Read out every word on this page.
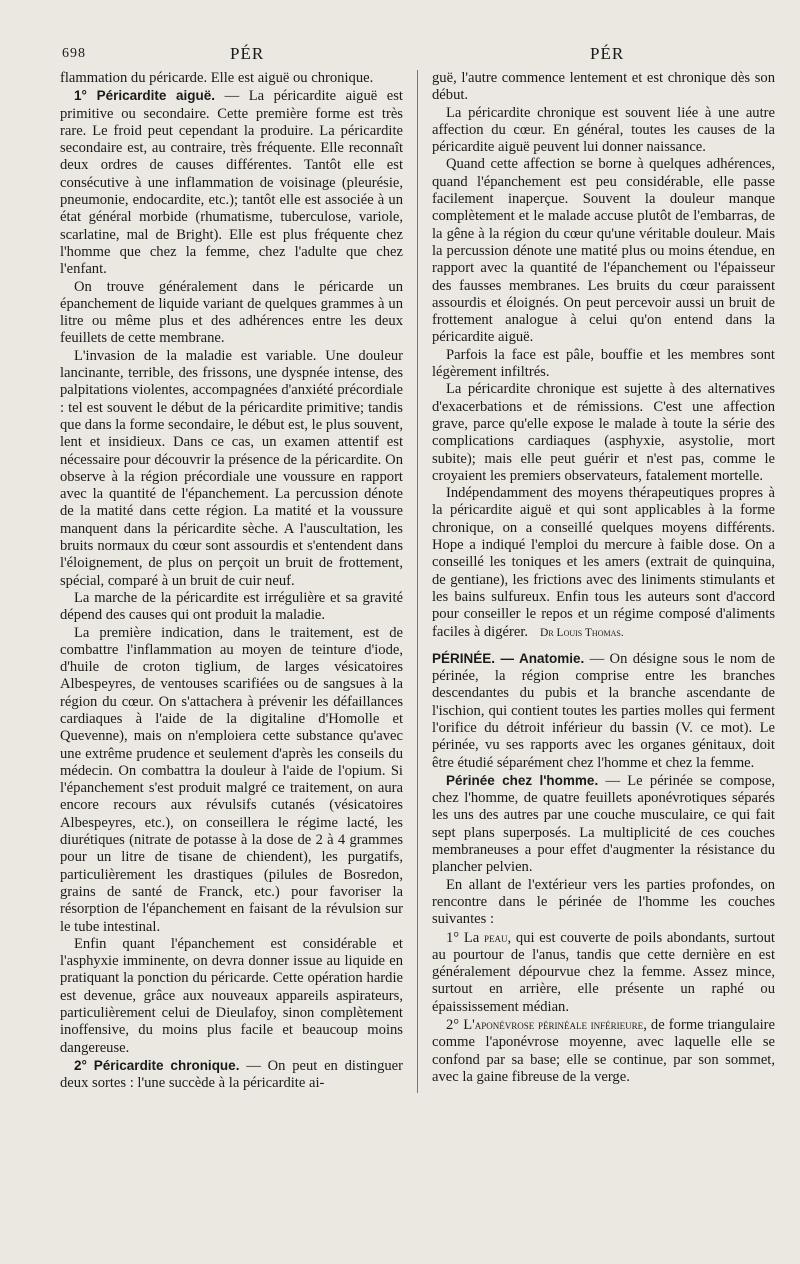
698	PÉR	PÉR

flammation du péricarde. Elle est aiguë ou chronique.

1° Péricardite aiguë. — La péricardite aiguë est primitive ou secondaire. Cette première forme est très rare. Le froid peut cependant la produire. La péricardite secondaire est, au contraire, très fréquente. Elle reconnaît deux ordres de causes différentes. Tantôt elle est consécutive à une inflammation de voisinage (pleurésie, pneumonie, endocardite, etc.); tantôt elle est associée à un état général morbide (rhumatisme, tuberculose, variole, scarlatine, mal de Bright). Elle est plus fréquente chez l'homme que chez la femme, chez l'adulte que chez l'enfant.

On trouve généralement dans le péricarde un épanchement de liquide variant de quelques grammes à un litre ou même plus et des adhérences entre les deux feuillets de cette membrane.

L'invasion de la maladie est variable. Une douleur lancinante, terrible, des frissons, une dyspnée intense, des palpitations violentes, accompagnées d'anxiété précordiale : tel est souvent le début de la péricardite primitive; tandis que dans la forme secondaire, le début est, le plus souvent, lent et insidieux. Dans ce cas, un examen attentif est nécessaire pour découvrir la présence de la péricardite. On observe à la région précordiale une voussure en rapport avec la quantité de l'épanchement. La percussion dénote de la matité dans cette région. La matité et la voussure manquent dans la péricardite sèche. A l'auscultation, les bruits normaux du cœur sont assourdis et s'entendent dans l'éloignement, de plus on perçoit un bruit de frottement, spécial, comparé à un bruit de cuir neuf.

La marche de la péricardite est irrégulière et sa gravité dépend des causes qui ont produit la maladie.

La première indication, dans le traitement, est de combattre l'inflammation au moyen de teinture d'iode, d'huile de croton tiglium, de larges vésicatoires Albespeyres, de ventouses scarifiées ou de sangsues à la région du cœur. On s'attachera à prévenir les défaillances cardiaques à l'aide de la digitaline d'Homolle et Quevenne), mais on n'emploiera cette substance qu'avec une extrême prudence et seulement d'après les conseils du médecin. On combattra la douleur à l'aide de l'opium. Si l'épanchement s'est produit malgré ce traitement, on aura encore recours aux révulsifs cutanés (vésicatoires Albespeyres, etc.), on conseillera le régime lacté, les diurétiques (nitrate de potasse à la dose de 2 à 4 grammes pour un litre de tisane de chiendent), les purgatifs, particulièrement les drastiques (pilules de Bosredon, grains de santé de Franck, etc.) pour favoriser la résorption de l'épanchement en faisant de la révulsion sur le tube intestinal.

Enfin quant l'épanchement est considérable et l'asphyxie imminente, on devra donner issue au liquide en pratiquant la ponction du péricarde. Cette opération hardie est devenue, grâce aux nouveaux appareils aspirateurs, particulièrement celui de Dieulafoy, sinon complètement inoffensive, du moins plus facile et beaucoup moins dangereuse.

2° Péricardite chronique. — On peut en distinguer deux sortes : l'une succède à la péricardite ai-

guë, l'autre commence lentement et est chronique dès son début.

La péricardite chronique est souvent liée à une autre affection du cœur. En général, toutes les causes de la péricardite aiguë peuvent lui donner naissance.

Quand cette affection se borne à quelques adhérences, quand l'épanchement est peu considérable, elle passe facilement inaperçue. Souvent la douleur manque complètement et le malade accuse plutôt de l'embarras, de la gêne à la région du cœur qu'une véritable douleur. Mais la percussion dénote une matité plus ou moins étendue, en rapport avec la quantité de l'épanchement ou l'épaisseur des fausses membranes. Les bruits du cœur paraissent assourdis et éloignés. On peut percevoir aussi un bruit de frottement analogue à celui qu'on entend dans la péricardite aiguë.

Parfois la face est pâle, bouffie et les membres sont légèrement infiltrés.

La péricardite chronique est sujette à des alternatives d'exacerbations et de rémissions. C'est une affection grave, parce qu'elle expose le malade à toute la série des complications cardiaques (asphyxie, asystolie, mort subite); mais elle peut guérir et n'est pas, comme le croyaient les premiers observateurs, fatalement mortelle.

Indépendamment des moyens thérapeutiques propres à la péricardite aiguë et qui sont applicables à la forme chronique, on a conseillé quelques moyens différents. Hope a indiqué l'emploi du mercure à faible dose. On a conseillé les toniques et les amers (extrait de quinquina, de gentiane), les frictions avec des liniments stimulants et les bains sulfureux. Enfin tous les auteurs sont d'accord pour conseiller le repos et un régime composé d'aliments faciles à digérer. Dr Louis Thomas.

PÉRINÉE. — Anatomie. — On désigne sous le nom de périnée, la région comprise entre les branches descendantes du pubis et la branche ascendante de l'ischion, qui contient toutes les parties molles qui ferment l'orifice du détroit inférieur du bassin (V. ce mot). Le périnée, vu ses rapports avec les organes génitaux, doit être étudié séparément chez l'homme et chez la femme.

Périnée chez l'homme. — Le périnée se compose, chez l'homme, de quatre feuillets aponévrotiques séparés les uns des autres par une couche musculaire, ce qui fait sept plans superposés. La multiplicité de ces couches membraneuses a pour effet d'augmenter la résistance du plancher pelvien.

En allant de l'extérieur vers les parties profondes, on rencontre dans le périnée de l'homme les couches suivantes :

1° La peau, qui est couverte de poils abondants, surtout au pourtour de l'anus, tandis que cette dernière en est généralement dépourvue chez la femme. Assez mince, surtout en arrière, elle présente un raphé ou épaississement médian.

2° L'aponévrose périnéale inférieure, de forme triangulaire comme l'aponévrose moyenne, avec laquelle elle se confond par sa base; elle se continue, par son sommet, avec la gaine fibreuse de la verge.
